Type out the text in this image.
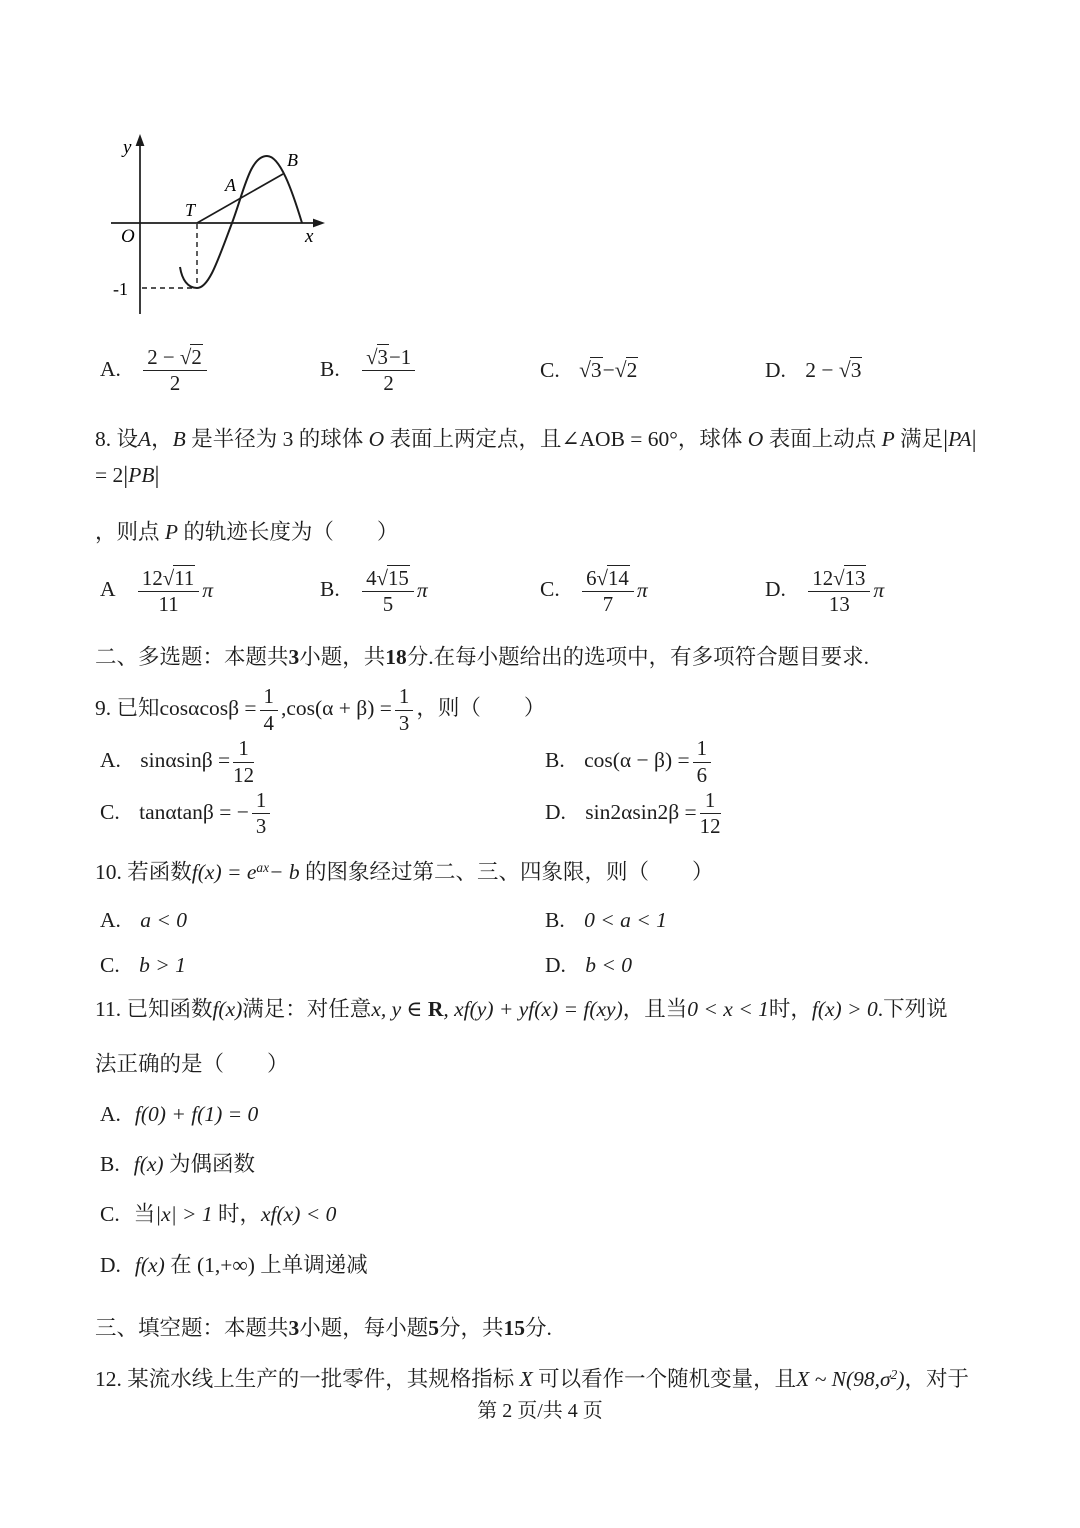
y
x
O
T
A
B
-1
A. $\frac{2 - √2}{2}$	B. $\frac{√3-1}{2}$	C. √3−√2	D. 2 − √3

8. 设A，B 是半径为 3 的球体 O 表面上两定点，且∠AOB = 60°，球体 O 表面上动点 P 满足|PA| = 2|PB|

，则点 P 的轨迹长度为（　　）

A $\frac{12√11}{11}$ π	B. $\frac{4√15}{5}$ π	C. $\frac{6√14}{7}$ π	D. $\frac{12√13}{13}$ π

二、多选题：本题共3小题，共18分.在每小题给出的选项中，有多项符合题目要求.

9. 已知$\cos\alpha\cos\beta = \frac{1}{4} ,\cos(\alpha + \beta) = \frac{1}{3}$ ，则（　　）

A. $\sin\alpha\sin\beta = \frac{1}{12}$	B. $\cos(\alpha - \beta) = \frac{1}{6}$
C. tanαtanβ = − $\frac{1}{3}$	D. $\sin 2\alpha\sin 2\beta = \frac{1}{12}$

10. 若函数$f(x) = e^{ax}- b$ 的图象经过第二、三、四象限，则（　　）

A. a < 0	B. 0 < a < 1
C. b > 1	D. b < 0

11. 已知函数f(x)满足：对任意x, y ∈ R, xf(y) + yf(x) = f(xy)，且当0 < x < 1时，f(x) > 0.下列说

法正确的是（　　）

A. f(0) + f(1) = 0

B. f(x) 为偶函数

C. 当|x| > 1 时，xf(x) < 0

D. f(x) 在 (1,+∞) 上单调递减

三、填空题：本题共3小题，每小题5分，共15分.

12. 某流水线上生产的一批零件，其规格指标 X 可以看作一个随机变量，且X ~ $N(98,\sigma^2)$，对于

第 2 页/共 4 页
